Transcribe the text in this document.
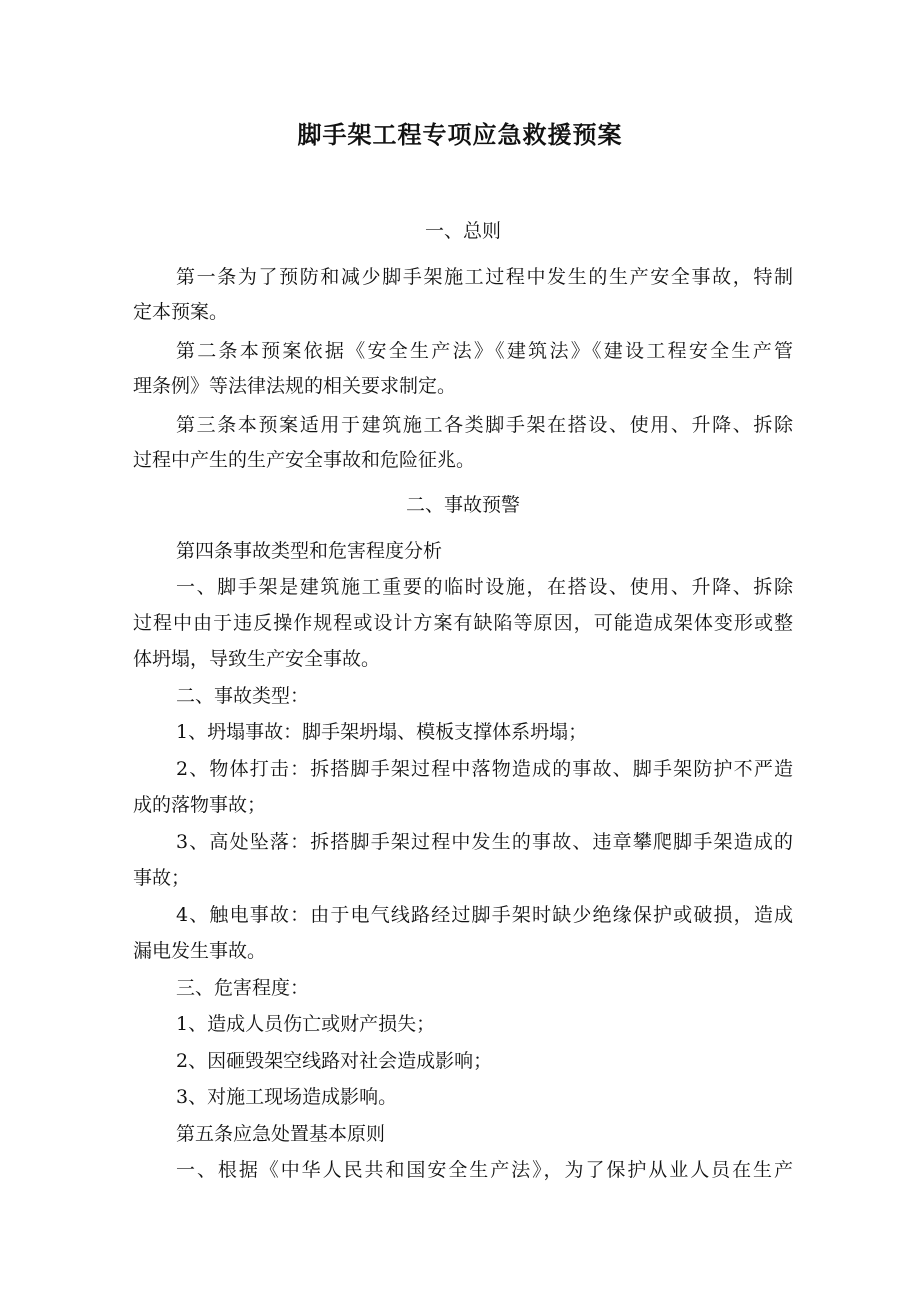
脚手架工程专项应急救援预案
一、总则
第一条为了预防和减少脚手架施工过程中发生的生产安全事故，特制
定本预案。
第二条本预案依据《安全生产法》《建筑法》《建设工程安全生产管
理条例》等法律法规的相关要求制定。
第三条本预案适用于建筑施工各类脚手架在搭设、使用、升降、拆除
过程中产生的生产安全事故和危险征兆。
二、事故预警
第四条事故类型和危害程度分析
一、脚手架是建筑施工重要的临时设施，在搭设、使用、升降、拆除
过程中由于违反操作规程或设计方案有缺陷等原因，可能造成架体变形或整
体坍塌，导致生产安全事故。
二、事故类型：
1、坍塌事故：脚手架坍塌、模板支撑体系坍塌；
2、物体打击：拆搭脚手架过程中落物造成的事故、脚手架防护不严造
成的落物事故；
3、高处坠落：拆搭脚手架过程中发生的事故、违章攀爬脚手架造成的
事故；
4、触电事故：由于电气线路经过脚手架时缺少绝缘保护或破损，造成
漏电发生事故。
三、危害程度：
1、造成人员伤亡或财产损失；
2、因砸毁架空线路对社会造成影响；
3、对施工现场造成影响。
第五条应急处置基本原则
一、根据《中华人民共和国安全生产法》，为了保护从业人员在生产
